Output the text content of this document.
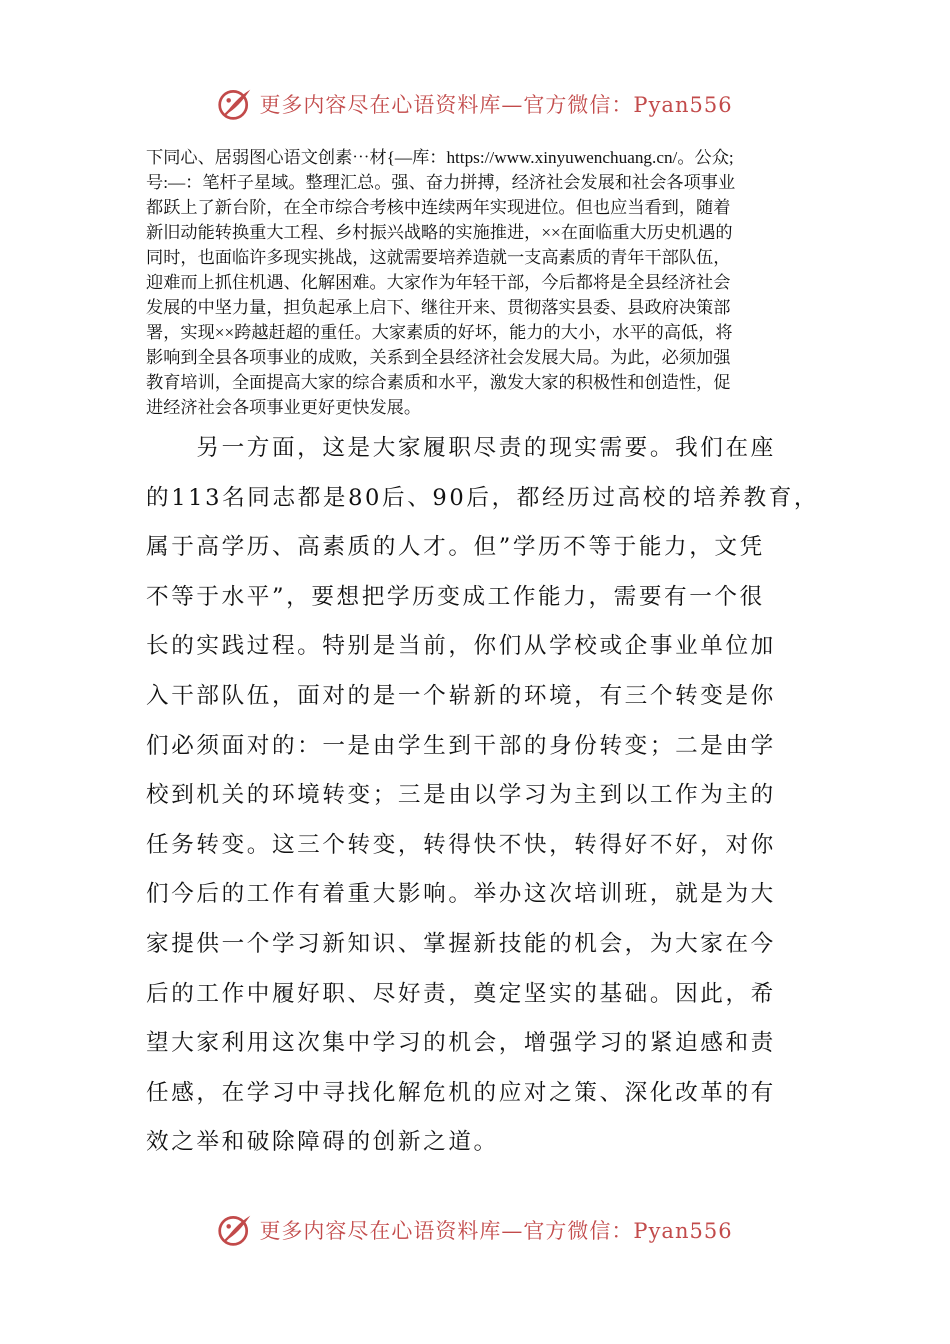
更多内容尽在心语资料库—官方微信：Pyan556

下同心、居弱图心语文创素⋯材{—库：https://www.xinyuwenchuang.cn/。公众;
号:—：笔杆子星域。整理汇总。强、奋力拼搏，经济社会发展和社会各项事业
都跃上了新台阶，在全市综合考核中连续两年实现进位。但也应当看到，随着
新旧动能转换重大工程、乡村振兴战略的实施推进，××在面临重大历史机遇的
同时，也面临许多现实挑战，这就需要培养造就一支高素质的青年干部队伍，
迎难而上抓住机遇、化解困难。大家作为年轻干部，今后都将是全县经济社会
发展的中坚力量，担负起承上启下、继往开来、贯彻落实县委、县政府决策部
署，实现××跨越赶超的重任。大家素质的好坏，能力的大小，水平的高低，将
影响到全县各项事业的成败，关系到全县经济社会发展大局。为此，必须加强
教育培训，全面提高大家的综合素质和水平，激发大家的积极性和创造性，促
进经济社会各项事业更好更快发展。

　　另一方面，这是大家履职尽责的现实需要。我们在座
的113名同志都是80后、90后，都经历过高校的培养教育，
属于高学历、高素质的人才。但”学历不等于能力，文凭
不等于水平”，要想把学历变成工作能力，需要有一个很
长的实践过程。特别是当前，你们从学校或企事业单位加
入干部队伍，面对的是一个崭新的环境，有三个转变是你
们必须面对的：一是由学生到干部的身份转变；二是由学
校到机关的环境转变；三是由以学习为主到以工作为主的
任务转变。这三个转变，转得快不快，转得好不好，对你
们今后的工作有着重大影响。举办这次培训班，就是为大
家提供一个学习新知识、掌握新技能的机会，为大家在今
后的工作中履好职、尽好责，奠定坚实的基础。因此，希
望大家利用这次集中学习的机会，增强学习的紧迫感和责
任感，在学习中寻找化解危机的应对之策、深化改革的有
效之举和破除障碍的创新之道。

更多内容尽在心语资料库—官方微信：Pyan556
